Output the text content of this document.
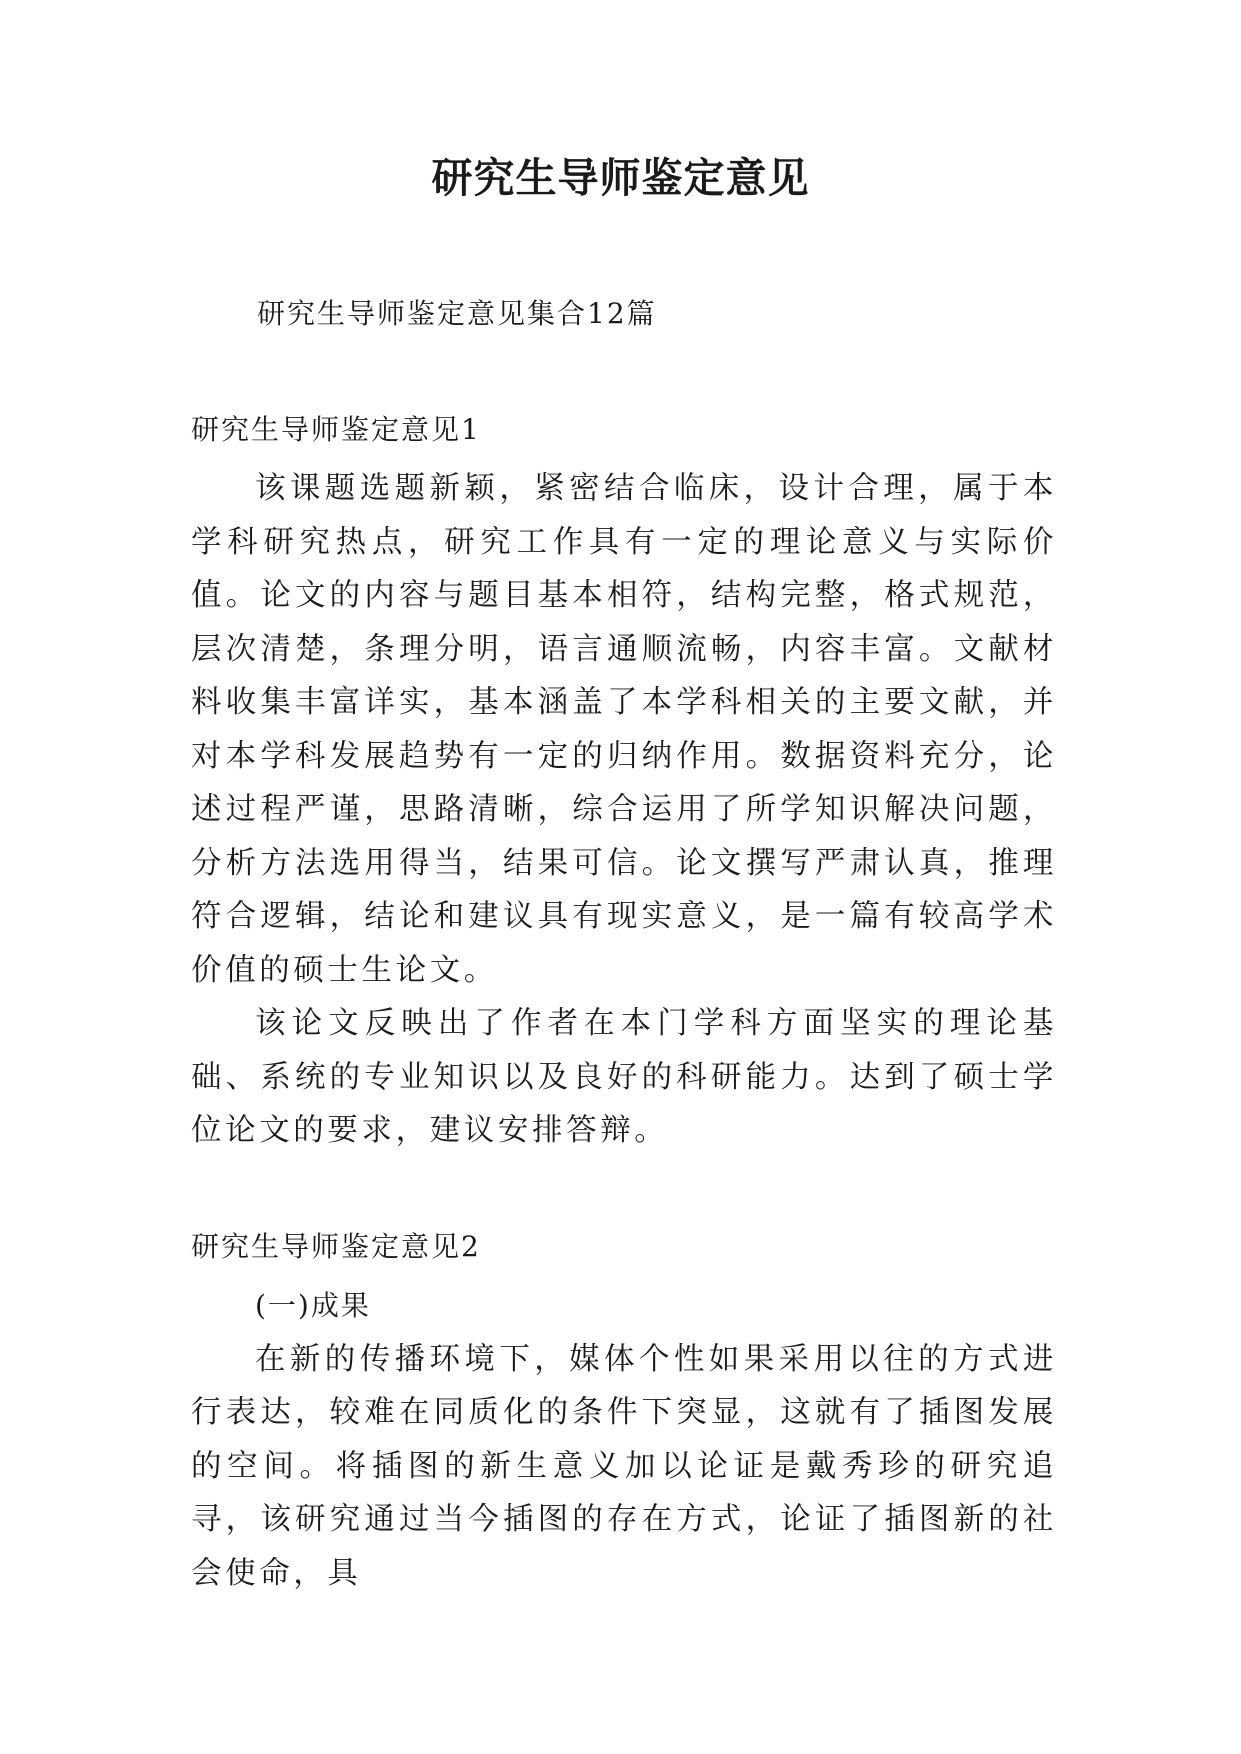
研究生导师鉴定意见

研究生导师鉴定意见集合12篇

研究生导师鉴定意见1

该课题选题新颖，紧密结合临床，设计合理，属于本学科研究热点，研究工作具有一定的理论意义与实际价值。论文的内容与题目基本相符，结构完整，格式规范，层次清楚，条理分明，语言通顺流畅，内容丰富。文献材料收集丰富详实，基本涵盖了本学科相关的主要文献，并对本学科发展趋势有一定的归纳作用。数据资料充分，论述过程严谨，思路清晰，综合运用了所学知识解决问题，分析方法选用得当，结果可信。论文撰写严肃认真，推理符合逻辑，结论和建议具有现实意义，是一篇有较高学术价值的硕士生论文。

该论文反映出了作者在本门学科方面坚实的理论基础、系统的专业知识以及良好的科研能力。达到了硕士学位论文的要求，建议安排答辩。

研究生导师鉴定意见2

(一)成果

在新的传播环境下，媒体个性如果采用以往的方式进行表达，较难在同质化的条件下突显，这就有了插图发展的空间。将插图的新生意义加以论证是戴秀珍的研究追寻，该研究通过当今插图的存在方式，论证了插图新的社会使命，具
